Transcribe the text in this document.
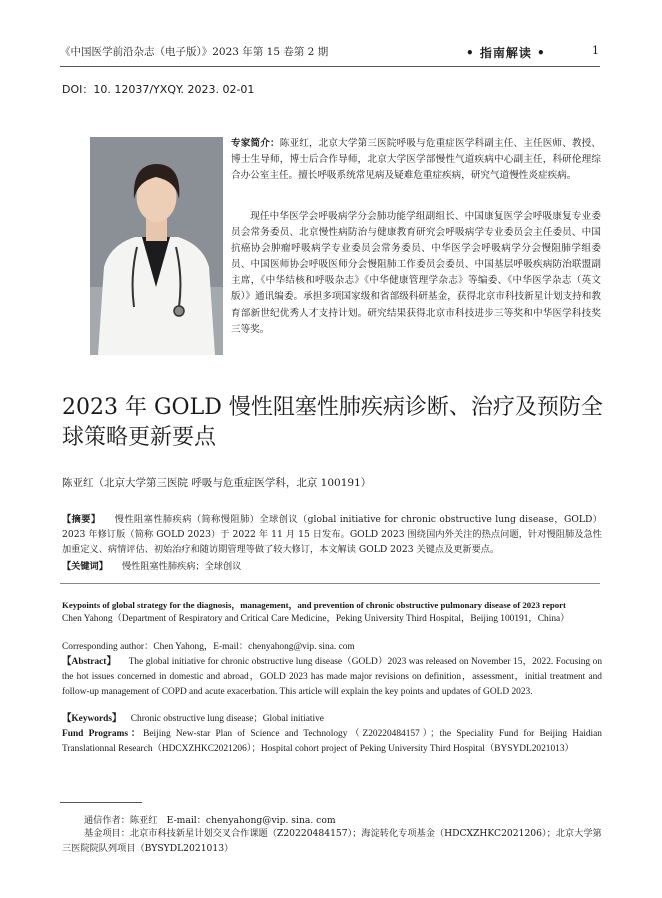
《中国医学前沿杂志（电子版）》2023 年第 15 卷第 2 期	• 指南解读 •	1
DOI：10. 12037/YXQY. 2023. 02-01

专家简介：陈亚红，北京大学第三医院呼吸与危重症医学科副主任、主任医师、教授、博士生导师，博士后合作导师，北京大学医学部慢性气道疾病中心副主任，科研伦理综合办公室主任。擅长呼吸系统常见病及疑难危重症疾病，研究气道慢性炎症疾病。

现任中华医学会呼吸病学分会肺功能学组副组长、中国康复医学会呼吸康复专业委员会常务委员、北京慢性病防治与健康教育研究会呼吸病学专业委员会主任委员、中国抗癌协会肿瘤呼吸病学专业委员会常务委员、中华医学会呼吸病学分会慢阻肺学组委员、中国医师协会呼吸医师分会慢阻肺工作委员会委员、中国基层呼吸疾病防治联盟副主席，《中华结核和呼吸杂志》《中华健康管理学杂志》等编委、《中华医学杂志（英文版）》通讯编委。承担多项国家级和省部级科研基金，获得北京市科技新星计划支持和教育部新世纪优秀人才支持计划。研究结果获得北京市科技进步三等奖和中华医学科技奖三等奖。

2023 年 GOLD 慢性阻塞性肺疾病诊断、治疗及预防全球策略更新要点
陈亚红（北京大学第三医院 呼吸与危重症医学科，北京 100191）

【摘要】 慢性阻塞性肺疾病（简称慢阻肺）全球创议（global initiative for chronic obstructive lung disease，GOLD）2023 年修订版（简称 GOLD 2023）于 2022 年 11 月 15 日发布。GOLD 2023 围绕国内外关注的热点问题，针对慢阻肺及急性加重定义、病情评估、初始治疗和随访期管理等做了较大修订，本文解读 GOLD 2023 关键点及更新要点。

【关键词】 慢性阻塞性肺疾病；全球创议
Keypoints of global strategy for the diagnosis，management，and prevention of chronic obstructive pulmonary disease of 2023 report

Chen Yahong（Department of Respiratory and Critical Care Medicine，Peking University Third Hospital，Beijing 100191，China）

Corresponding author：Chen Yahong，E-mail：chenyahong@vip. sina. com

【Abstract】 The global initiative for chronic obstructive lung disease（GOLD）2023 was released on November 15，2022. Focusing on the hot issues concerned in domestic and abroad，GOLD 2023 has made major revisions on definition，assessment，initial treatment and follow-up management of COPD and acute exacerbation. This article will explain the key points and updates of GOLD 2023.

【Keywords】 Chronic obstructive lung disease；Global initiative

Fund Programs：Beijing New-star Plan of Science and Technology（Z20220484157）；the Speciality Fund for Beijing Haidian Translationnal Research（HDCXZHKC2021206）；Hospital cohort project of Peking University Third Hospital（BYSYDL2021013）

通信作者：陈亚红　E-mail：chenyahong@vip. sina. com

基金项目：北京市科技新星计划交叉合作课题（Z20220484157）；海淀转化专项基金（HDCXZHKC2021206）；北京大学第三医院院队列项目（BYSYDL2021013）
